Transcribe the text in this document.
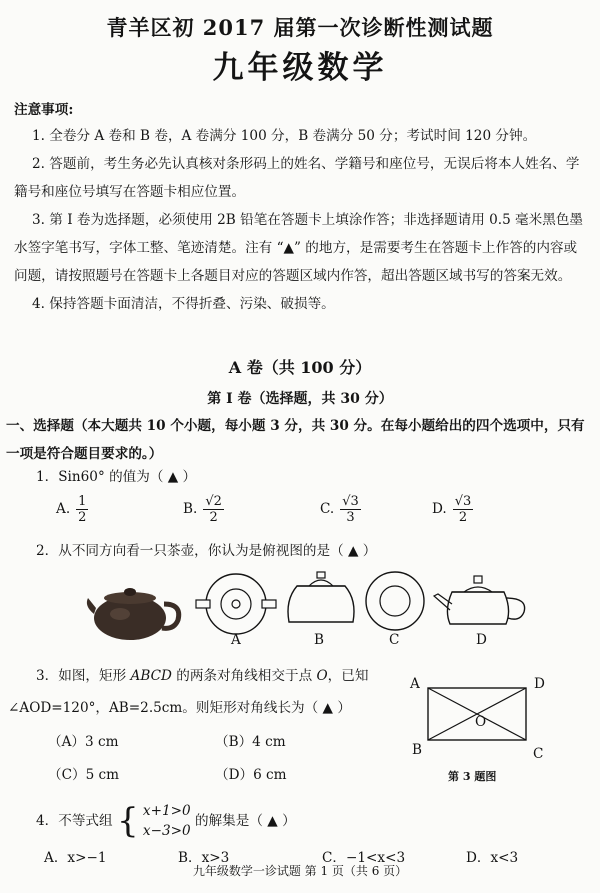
青羊区初 2017 届第一次诊断性测试题
九年级数学
注意事项:
1. 全卷分 A 卷和 B 卷，A 卷满分 100 分，B 卷满分 50 分；考试时间 120 分钟。
2. 答题前，考生务必先认真核对条形码上的姓名、学籍号和座位号，无误后将本人姓名、学籍号和座位号填写在答题卡相应位置。
3. 第 I 卷为选择题，必须使用 2B 铅笔在答题卡上填涂作答；非选择题请用 0.5 毫米黑色墨水签字笔书写，字体工整、笔迹清楚。注有 “▲” 的地方，是需要考生在答题卡上作答的内容或问题，请按照题号在答题卡上各题目对应的答题区域内作答，超出答题区域书写的答案无效。
4. 保持答题卡面清洁，不得折叠、污染、破损等。
A 卷（共 100 分）
第 I 卷（选择题，共 30 分）
一、选择题（本大题共 10 个小题，每小题 3 分，共 30 分。在每小题给出的四个选项中，只有一项是符合题目要求的。）
1．Sin60° 的值为（ ▲ ）
A. $\frac{1}{2}$	B. $\frac{√2}{2}$	C. $\frac{√3}{3}$	D. $\frac{√3}{2}$
2．从不同方向看一只茶壶，你认为是俯视图的是（ ▲ ）
A	B	C	D
3．如图，矩形 ABCD 的两条对角线相交于点 O，已知
∠AOD=120°，AB=2.5cm。则矩形对角线长为（ ▲ ）
（A）3 cm	（B）4 cm
（C）5 cm	（D）6 cm
A	D
B	C
O
第 3 题图
4．不等式组 { x+1>0
x−3>0
的解集是（ ▲ ）
A．x>−1	B．x>3	C．−1<x<3	D．x<3
九年级数学一诊试题 第 1 页（共 6 页）
